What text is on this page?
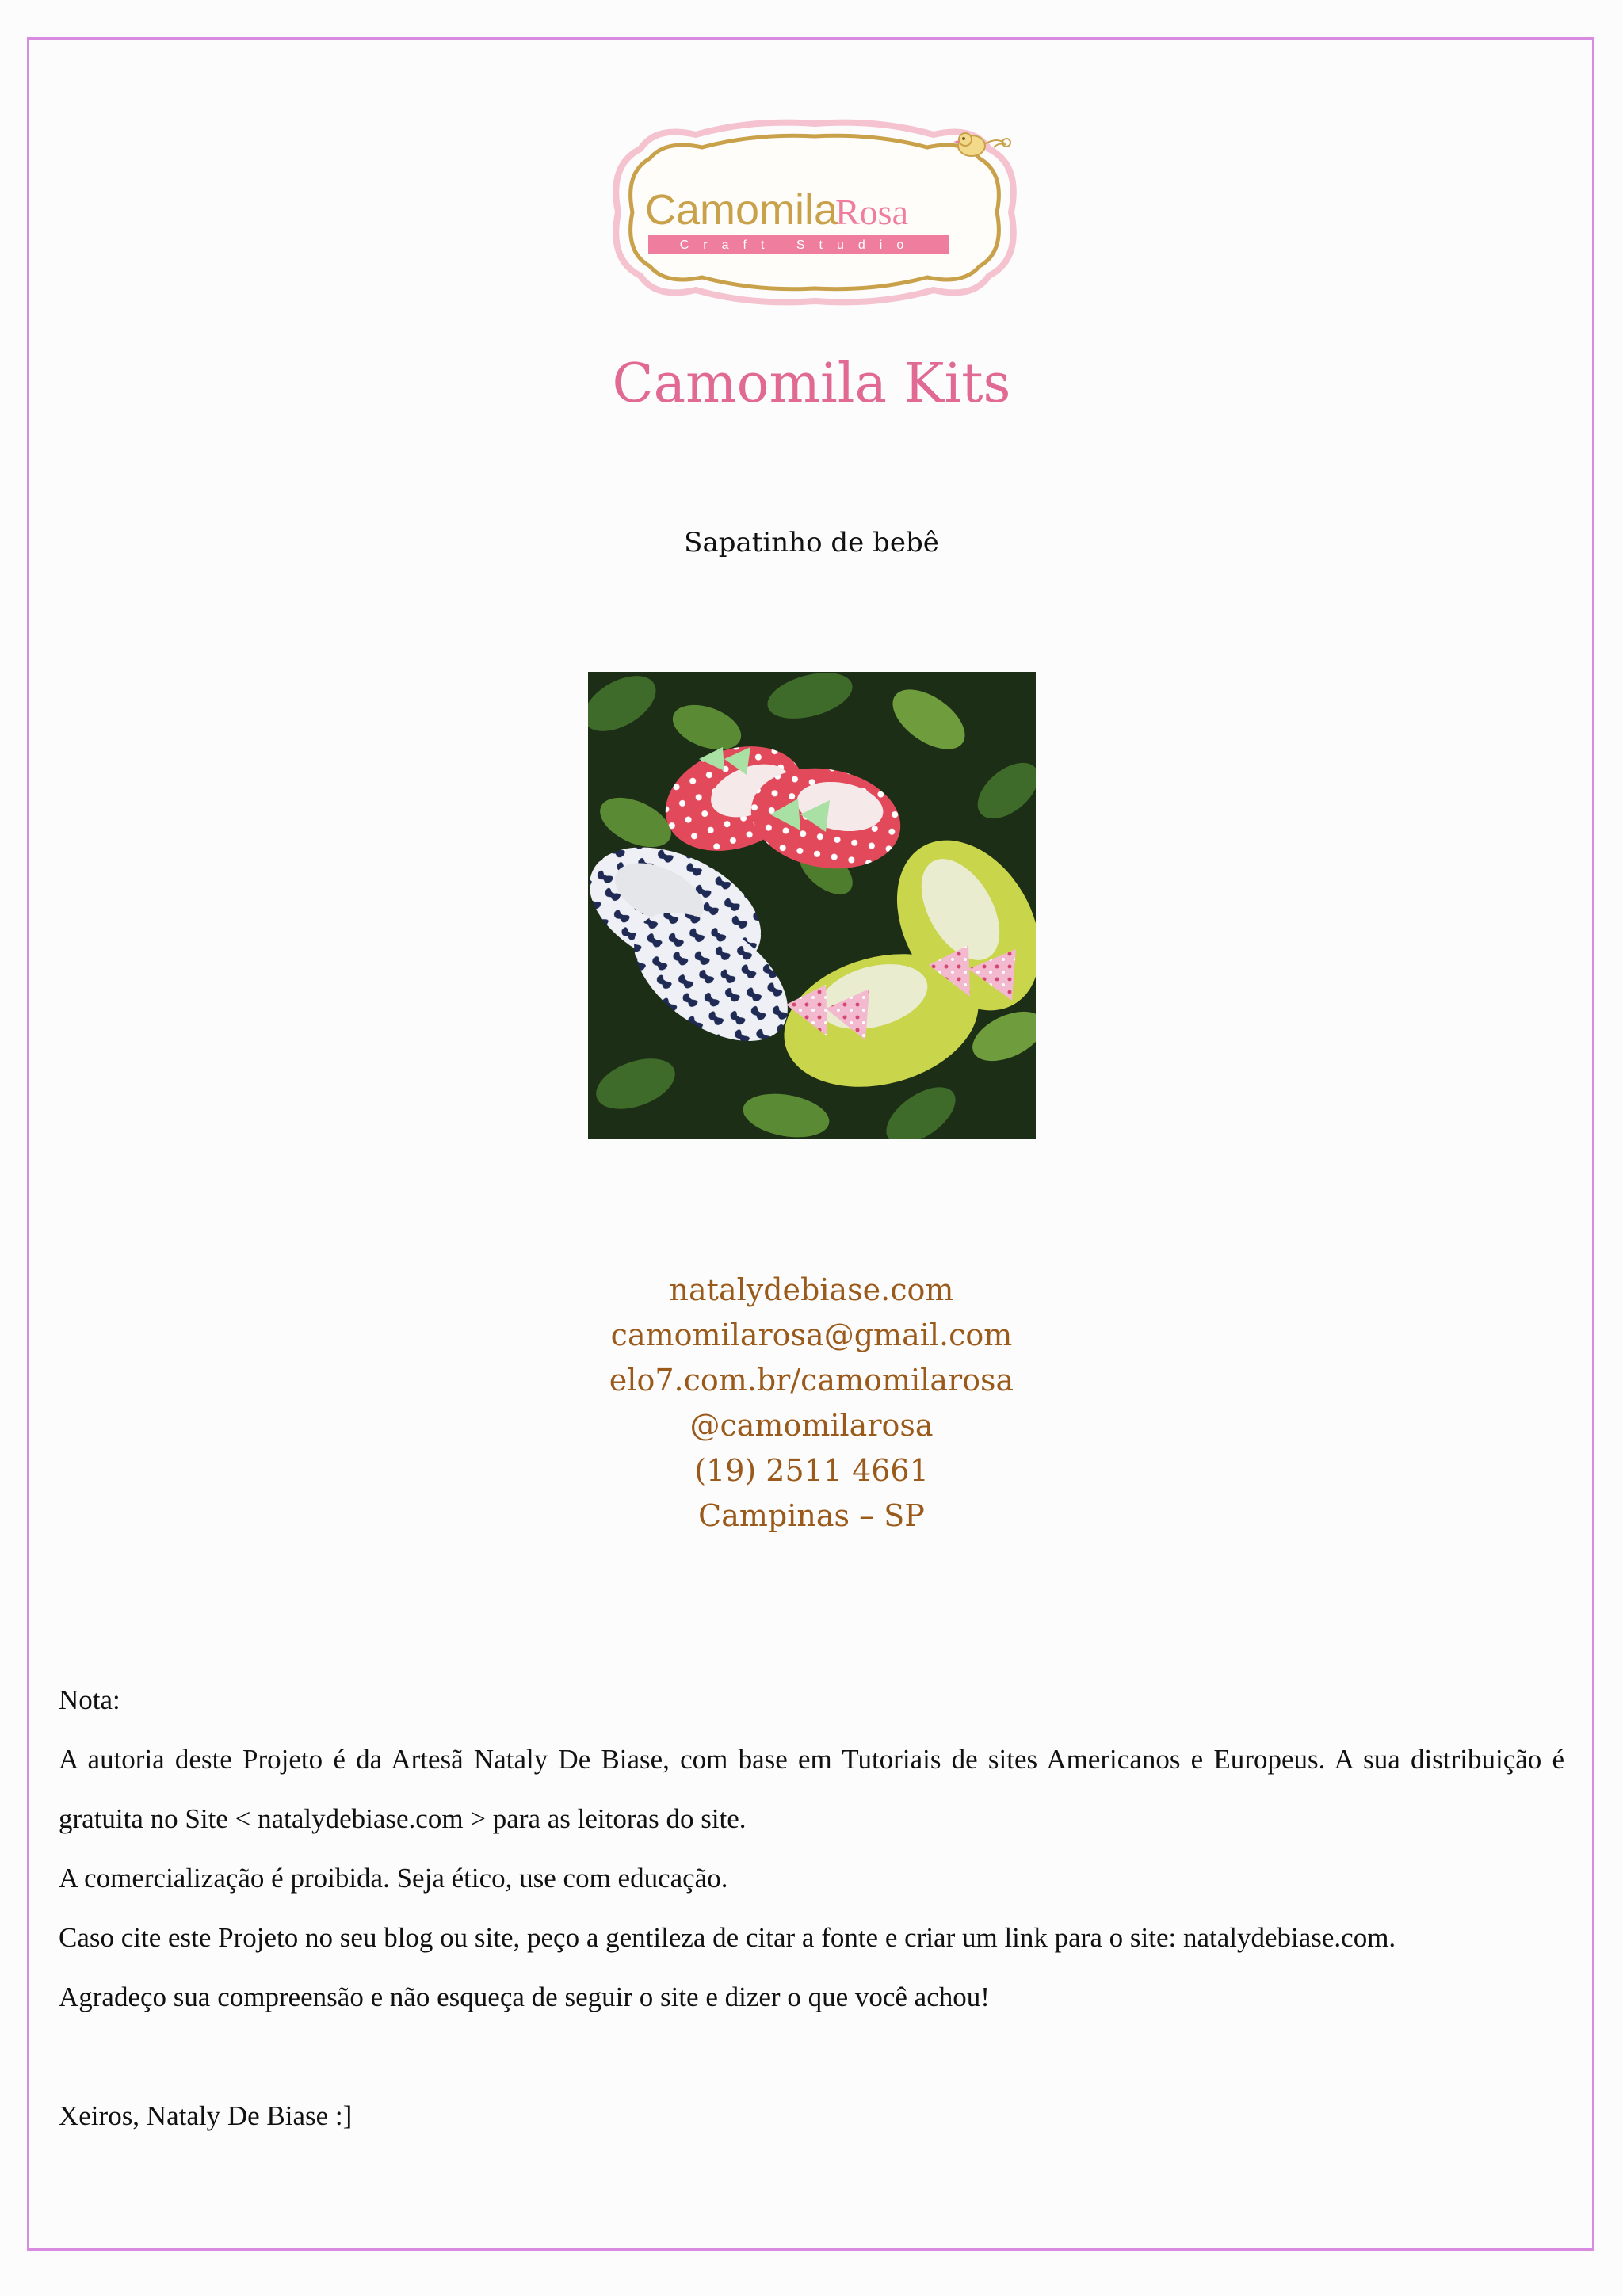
Camomila
Rosa
Craft Studio
Camomila Kits
Sapatinho de bebê
natalydebiase.com
camomilarosa@gmail.com
elo7.com.br/camomilarosa
@camomilarosa
(19) 2511 4661
Campinas – SP

Nota:

A autoria deste Projeto é da Artesã Nataly De Biase, com base em Tutoriais de sites Americanos e Europeus. A sua distribuição é gratuita no Site < natalydebiase.com > para as leitoras do site.

A comercialização é proibida. Seja ético, use com educação.

Caso cite este Projeto no seu blog ou site, peço a gentileza de citar a fonte e criar um link para o site: natalydebiase.com.

Agradeço sua compreensão e não esqueça de seguir o site e dizer o que você achou!

Xeiros, Nataly De Biase :]
